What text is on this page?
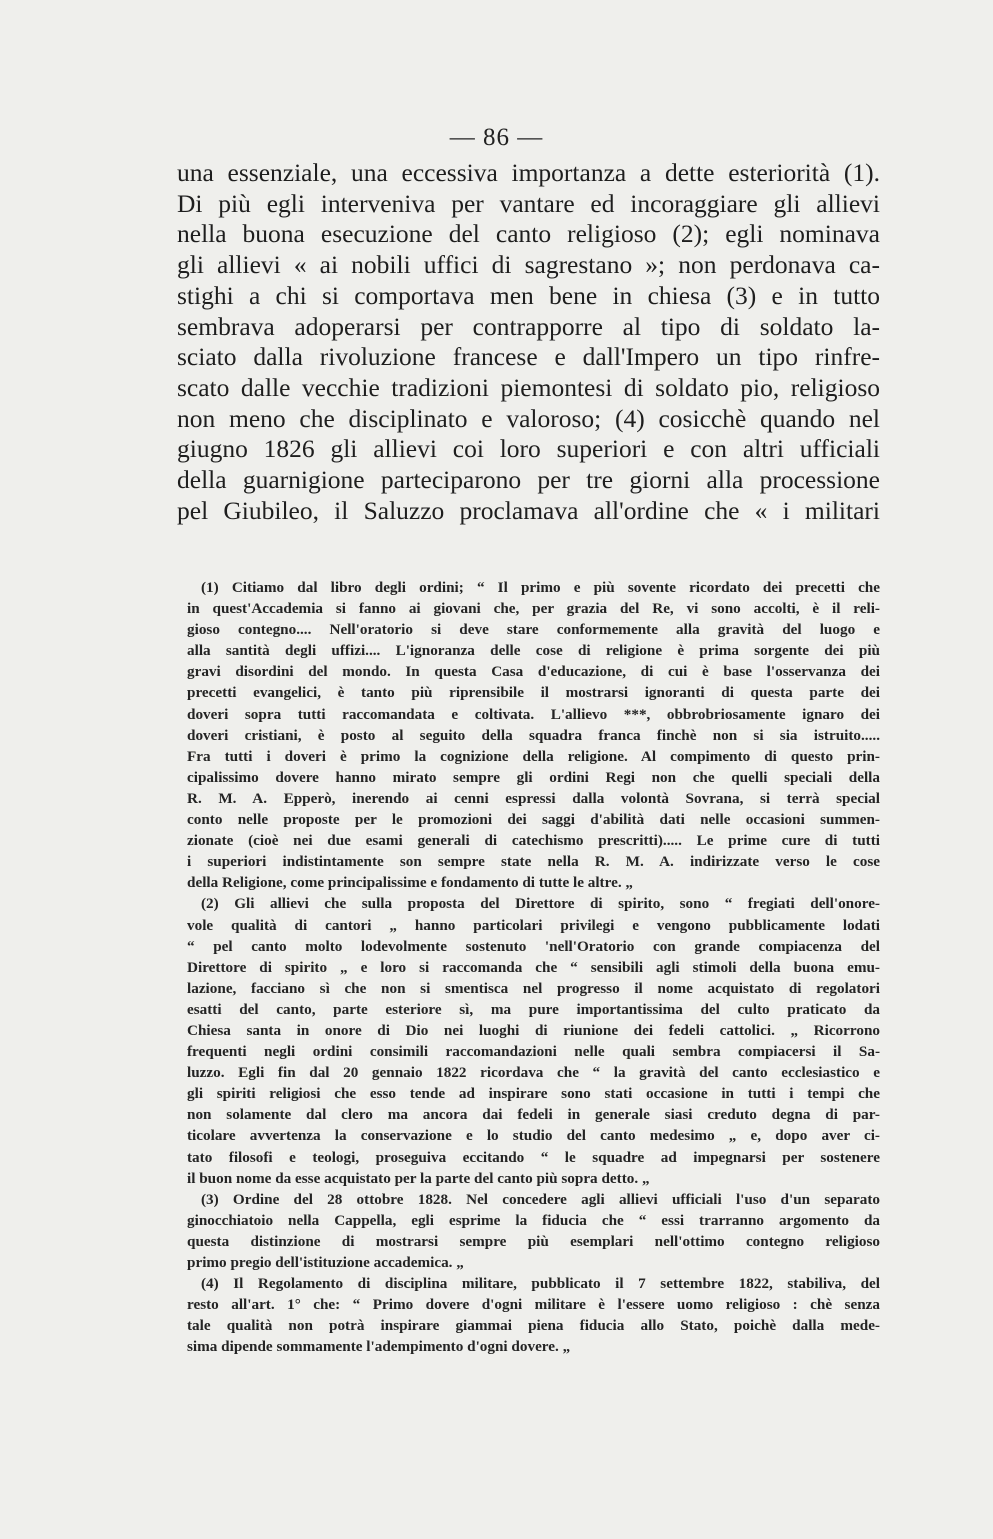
— 86 —
una essenziale, una eccessiva importanza a dette esteriorità (1).
Di più egli interveniva per vantare ed incoraggiare gli allievi
nella buona esecuzione del canto religioso (2); egli nominava
gli allievi « ai nobili uffici di sagrestano »; non perdonava ca-
stighi a chi si comportava men bene in chiesa (3) e in tutto
sembrava adoperarsi per contrapporre al tipo di soldato la-
sciato dalla rivoluzione francese e dall'Impero un tipo rinfre-
scato dalle vecchie tradizioni piemontesi di soldato pio, religioso
non meno che disciplinato e valoroso; (4) cosicchè quando nel
giugno 1826 gli allievi coi loro superiori e con altri ufficiali
della guarnigione parteciparono per tre giorni alla processione
pel Giubileo, il Saluzzo proclamava all'ordine che « i militari
(1) Citiamo dal libro degli ordini; “ Il primo e più sovente ricordato dei precetti che
in quest'Accademia si fanno ai giovani che, per grazia del Re, vi sono accolti, è il reli-
gioso contegno.... Nell'oratorio si deve stare conformemente alla gravità del luogo e
alla santità degli uffizi.... L'ignoranza delle cose di religione è prima sorgente dei più
gravi disordini del mondo. In questa Casa d'educazione, di cui è base l'osservanza dei
precetti evangelici, è tanto più riprensibile il mostrarsi ignoranti di questa parte dei
doveri sopra tutti raccomandata e coltivata. L'allievo ***, obbrobriosamente ignaro dei
doveri cristiani, è posto al seguito della squadra franca finchè non si sia istruito.....
Fra tutti i doveri è primo la cognizione della religione. Al compimento di questo prin-
cipalissimo dovere hanno mirato sempre gli ordini Regi non che quelli speciali della
R. M. A. Epperò, inerendo ai cenni espressi dalla volontà Sovrana, si terrà special
conto nelle proposte per le promozioni dei saggi d'abilità dati nelle occasioni summen-
zionate (cioè nei due esami generali di catechismo prescritti)..... Le prime cure di tutti
i superiori indistintamente son sempre state nella R. M. A. indirizzate verso le cose
della Religione, come principalissime e fondamento di tutte le altre. „
(2) Gli allievi che sulla proposta del Direttore di spirito, sono “ fregiati dell'onore-
vole qualità di cantori „ hanno particolari privilegi e vengono pubblicamente lodati
“ pel canto molto lodevolmente sostenuto 'nell'Oratorio con grande compiacenza del
Direttore di spirito „ e loro si raccomanda che “ sensibili agli stimoli della buona emu-
lazione, facciano sì che non si smentisca nel progresso il nome acquistato di regolatori
esatti del canto, parte esteriore sì, ma pure importantissima del culto praticato da
Chiesa santa in onore di Dio nei luoghi di riunione dei fedeli cattolici. „ Ricorrono
frequenti negli ordini consimili raccomandazioni nelle quali sembra compiacersi il Sa-
luzzo. Egli fin dal 20 gennaio 1822 ricordava che “ la gravità del canto ecclesiastico e
gli spiriti religiosi che esso tende ad inspirare sono stati occasione in tutti i tempi che
non solamente dal clero ma ancora dai fedeli in generale siasi creduto degna di par-
ticolare avvertenza la conservazione e lo studio del canto medesimo „ e, dopo aver ci-
tato filosofi e teologi, proseguiva eccitando “ le squadre ad impegnarsi per sostenere
il buon nome da esse acquistato per la parte del canto più sopra detto. „
(3) Ordine del 28 ottobre 1828. Nel concedere agli allievi ufficiali l'uso d'un separato
ginocchiatoio nella Cappella, egli esprime la fiducia che “ essi trarranno argomento da
questa distinzione di mostrarsi sempre più esemplari nell'ottimo contegno religioso
primo pregio dell'istituzione accademica. „
(4) Il Regolamento di disciplina militare, pubblicato il 7 settembre 1822, stabiliva, del
resto all'art. 1° che: “ Primo dovere d'ogni militare è l'essere uomo religioso : chè senza
tale qualità non potrà inspirare giammai piena fiducia allo Stato, poichè dalla mede-
sima dipende sommamente l'adempimento d'ogni dovere. „
